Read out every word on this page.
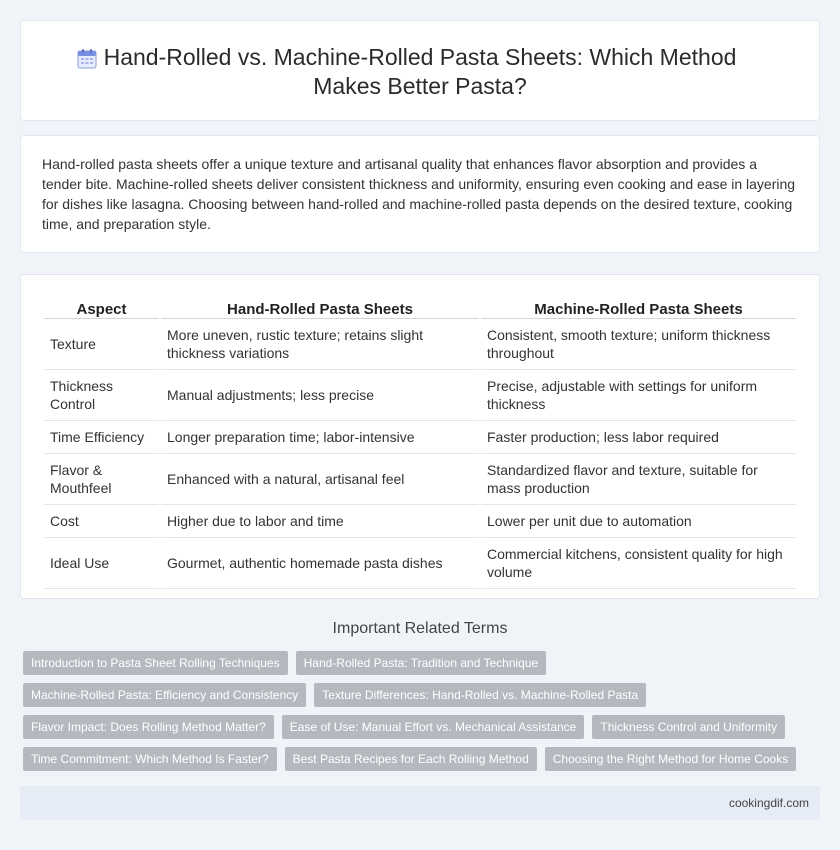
Hand-Rolled vs. Machine-Rolled Pasta Sheets: Which Method Makes Better Pasta?

Hand-rolled pasta sheets offer a unique texture and artisanal quality that enhances flavor absorption and provides a tender bite. Machine-rolled sheets deliver consistent thickness and uniformity, ensuring even cooking and ease in layering for dishes like lasagna. Choosing between hand-rolled and machine-rolled pasta depends on the desired texture, cooking time, and preparation style.

Aspect	Hand-Rolled Pasta Sheets	Machine-Rolled Pasta Sheets
Texture	More uneven, rustic texture; retains slight thickness variations	Consistent, smooth texture; uniform thickness throughout
Thickness Control	Manual adjustments; less precise	Precise, adjustable with settings for uniform thickness
Time Efficiency	Longer preparation time; labor-intensive	Faster production; less labor required
Flavor & Mouthfeel	Enhanced with a natural, artisanal feel	Standardized flavor and texture, suitable for mass production
Cost	Higher due to labor and time	Lower per unit due to automation
Ideal Use	Gourmet, authentic homemade pasta dishes	Commercial kitchens, consistent quality for high volume
Important Related Terms
Introduction to Pasta Sheet Rolling Techniques	Hand-Rolled Pasta: Tradition and Technique
Machine-Rolled Pasta: Efficiency and Consistency	Texture Differences: Hand-Rolled vs. Machine-Rolled Pasta
Flavor Impact: Does Rolling Method Matter?	Ease of Use: Manual Effort vs. Mechanical Assistance	Thickness Control and Uniformity
Time Commitment: Which Method Is Faster?	Best Pasta Recipes for Each Rolling Method	Choosing the Right Method for Home Cooks
cookingdif.com
